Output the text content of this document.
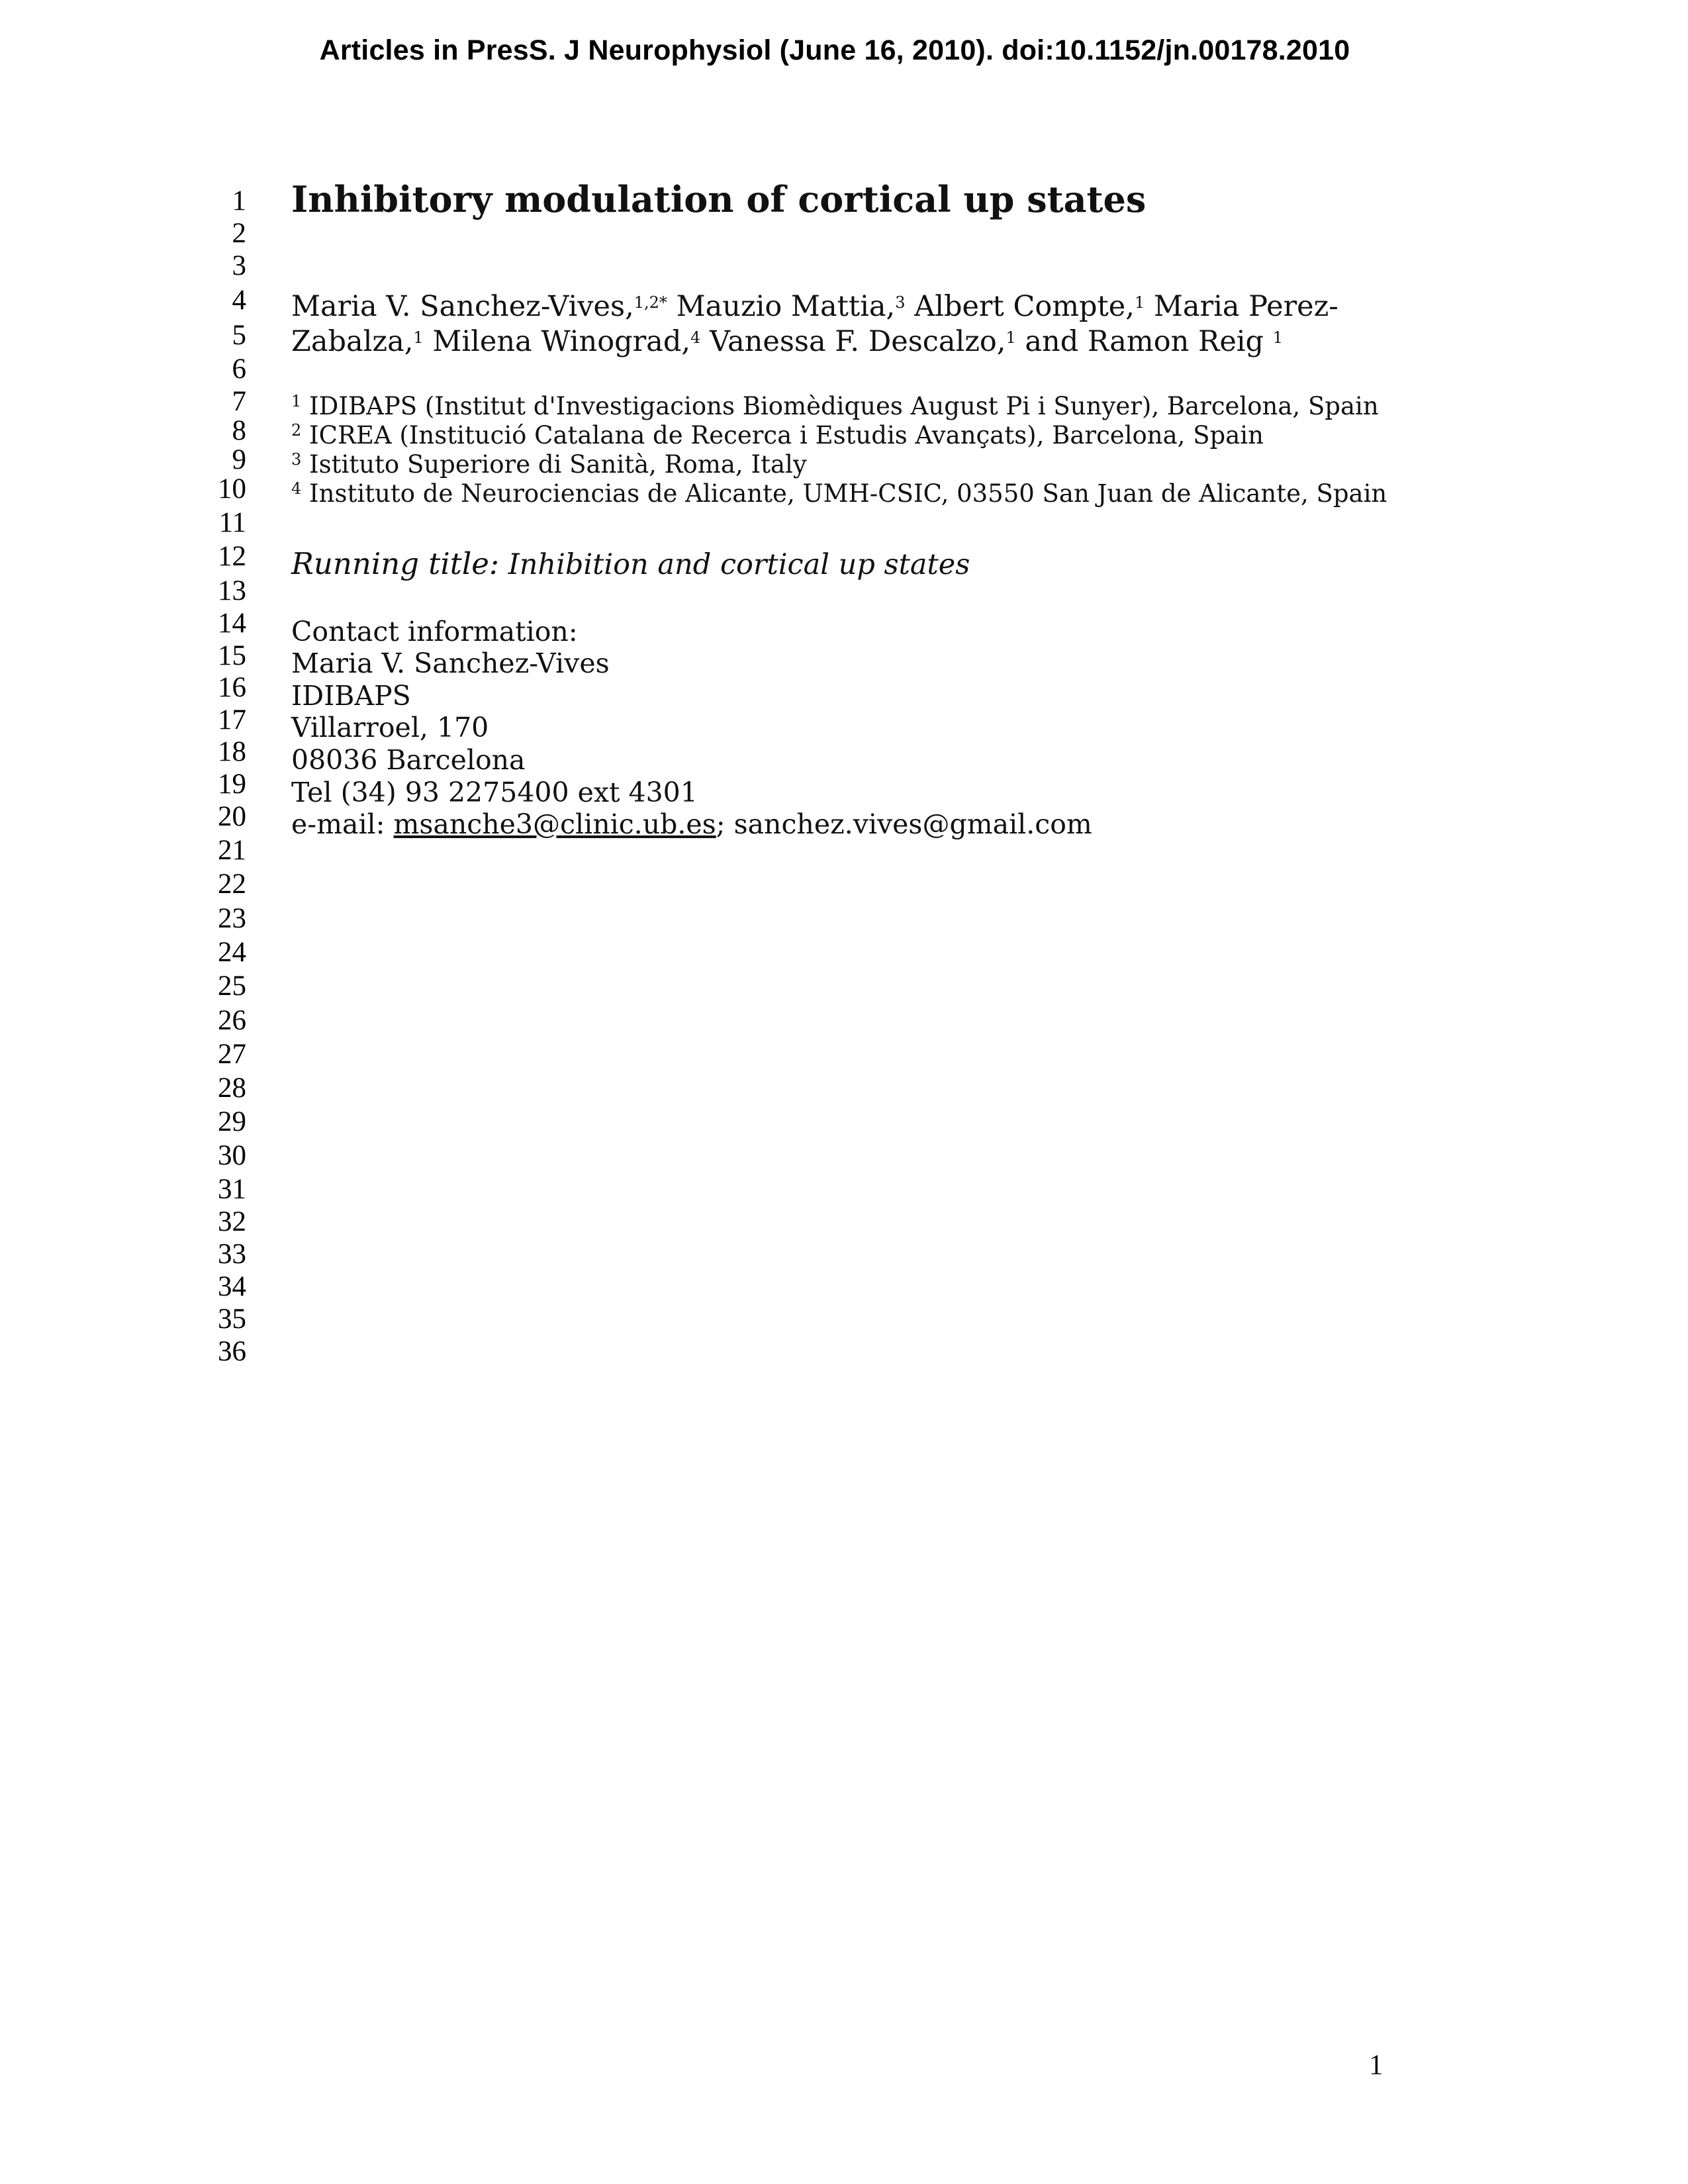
Articles in PresS. J Neurophysiol (June 16, 2010). doi:10.1152/jn.00178.2010
1
2
3
4
5
6
7
8
9
10
11
12
13
14
15
16
17
18
19
20
21
22
23
24
25
26
27
28
29
30
31
32
33
34
35
36
Inhibitory modulation of cortical up states
Maria V. Sanchez-Vives,$^{1,2*}$ Mauzio Mattia,$^3$ Albert Compte,$^1$ Maria Perez-
Zabalza,$^1$ Milena Winograd,$^4$ Vanessa F. Descalzo,$^1$ and Ramon Reig $^1$
$^1$ IDIBAPS (Institut d'Investigacions Biomèdiques August Pi i Sunyer), Barcelona, Spain
$^2$ ICREA (Institució Catalana de Recerca i Estudis Avançats), Barcelona, Spain
$^3$ Istituto Superiore di Sanità, Roma, Italy
$^4$ Instituto de Neurociencias de Alicante, UMH-CSIC, 03550 San Juan de Alicante, Spain
Running title: Inhibition and cortical up states
Contact information:
Maria V. Sanchez-Vives
IDIBAPS
Villarroel, 170
08036 Barcelona
Tel (34) 93 2275400 ext 4301
e-mail: msanche3@clinic.ub.es; sanchez.vives@gmail.com
1
